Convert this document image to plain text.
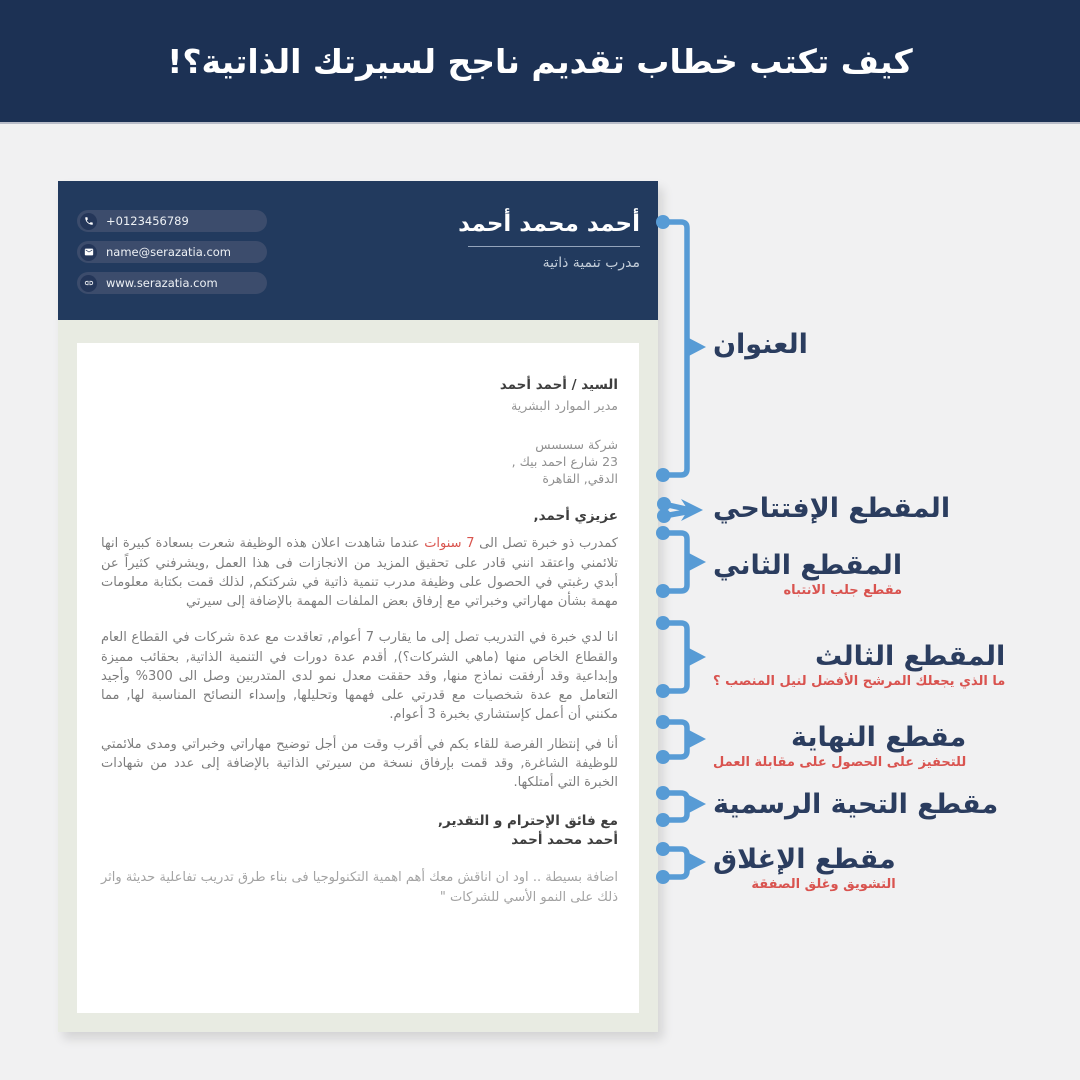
كيف تكتب خطاب تقديم ناجح لسيرتك الذاتية؟!
+0123456789
name@serazatia.com
www.serazatia.com
أحمد محمد أحمد
مدرب تنمية ذاتية
السيد / أحمد أحمد
مدير الموارد البشرية
شركة سسسس
23 شارع احمد بيك ,
الدقي, القاهرة
عزيزي أحمد,

كمدرب ذو خبرة تصل الى 7 سنوات عندما شاهدت اعلان هذه الوظيفة شعرت بسعادة كبيرة انها تلائمني واعتقد انني قادر على تحقيق المزيد من الانجازات فى هذا العمل ,ويشرفني كثيراً عن أبدي رغبتي في الحصول على وظيفة مدرب تنمية ذاتية في شركتكم, لذلك قمت بكتابة معلومات مهمة بشأن مهاراتي وخبراتي مع إرفاق بعض الملفات المهمة بالإضافة إلى سيرتي

انا لدي خبرة في التدريب تصل إلى ما يقارب 7 أعوام, تعاقدت مع عدة شركات في القطاع العام والقطاع الخاص منها (ماهي الشركات؟), أقدم عدة دورات في التنمية الذاتية, بحقائب مميزة وإبداعية وقد أرفقت نماذج منها, وقد حققت معدل نمو لدى المتدربين وصل الى 300% وأجيد التعامل مع عدة شخصيات مع قدرتي على فهمها وتحليلها, وإسداء النصائح المناسبة لها, مما مكنني أن أعمل كإستشاري بخبرة 3 أعوام.

أنا في إنتظار الفرصة للقاء بكم في أقرب وقت من أجل توضيح مهاراتي وخبراتي ومدى ملائمتي للوظيفة الشاغرة, وقد قمت بإرفاق نسخة من سيرتي الذاتية بالإضافة إلى عدد من شهادات الخبرة التي أمتلكها.

مع فائق الإحترام و التقدير,
أحمد محمد أحمد

اضافة بسيطة .. اود ان اناقش معك أهم اهمية التكنولوجيا فى بناء طرق تدريب تفاعلية حديثة واثر ذلك على النمو الأسي للشركات "

العنوان
المقطع الإفتتاحي
المقطع الثاني
مقطع جلب الانتباه
المقطع الثالث
ما الذي يجعلك المرشح الأفضل لنيل المنصب ؟
مقطع النهاية
للتحفيز على الحصول على مقابلة العمل
مقطع التحية الرسمية
مقطع الإغلاق
التشويق وغلق الصفقة
